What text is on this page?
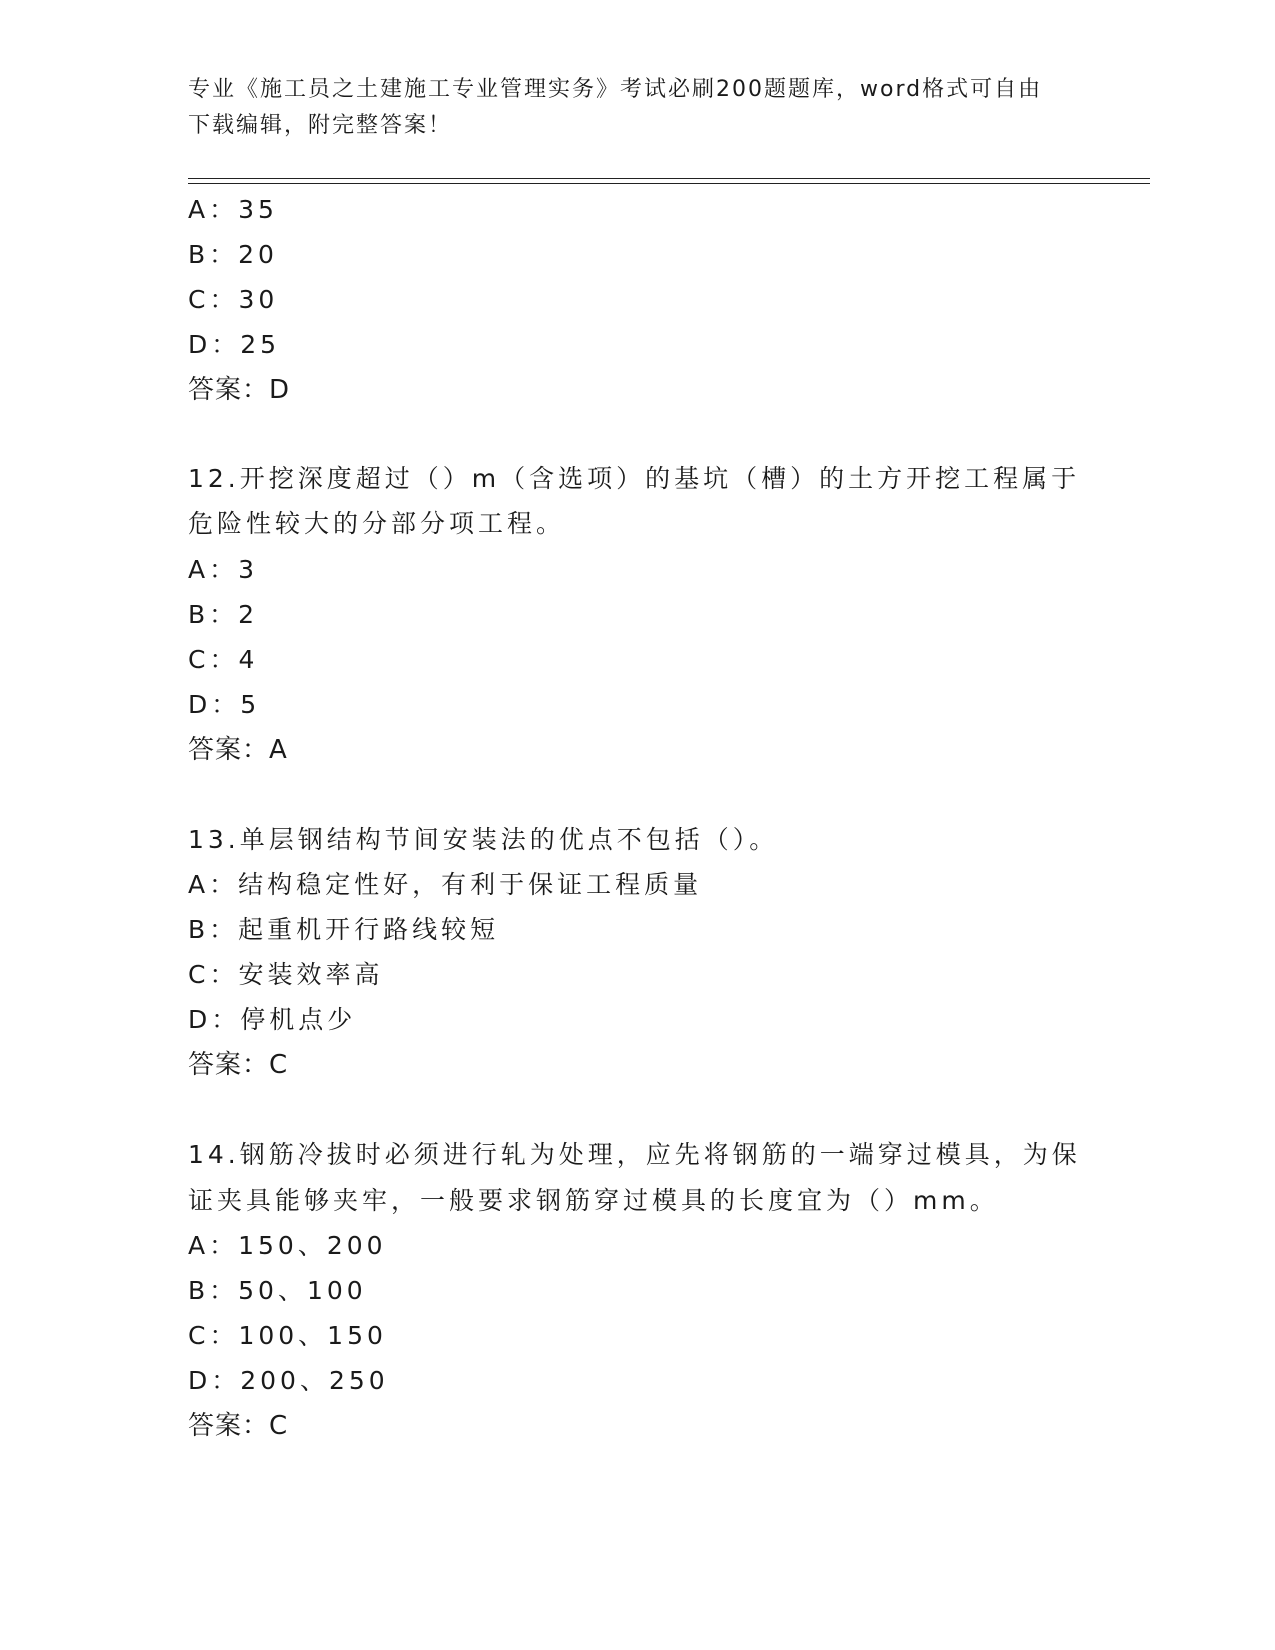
专业《施工员之土建施工专业管理实务》考试必刷200题题库，word格式可自由
下载编辑，附完整答案！
A：35
B：20
C：30
D：25
答案：D
12.开挖深度超过（）m（含选项）的基坑（槽）的土方开挖工程属于
危险性较大的分部分项工程。
A：3
B：2
C：4
D：5
答案：A
13.单层钢结构节间安装法的优点不包括（）。
A：结构稳定性好，有利于保证工程质量
B：起重机开行路线较短
C：安装效率高
D：停机点少
答案：C
14.钢筋冷拔时必须进行轧为处理，应先将钢筋的一端穿过模具，为保
证夹具能够夹牢，一般要求钢筋穿过模具的长度宜为（）mm。
A：150、200
B：50、100
C：100、150
D：200、250
答案：C
